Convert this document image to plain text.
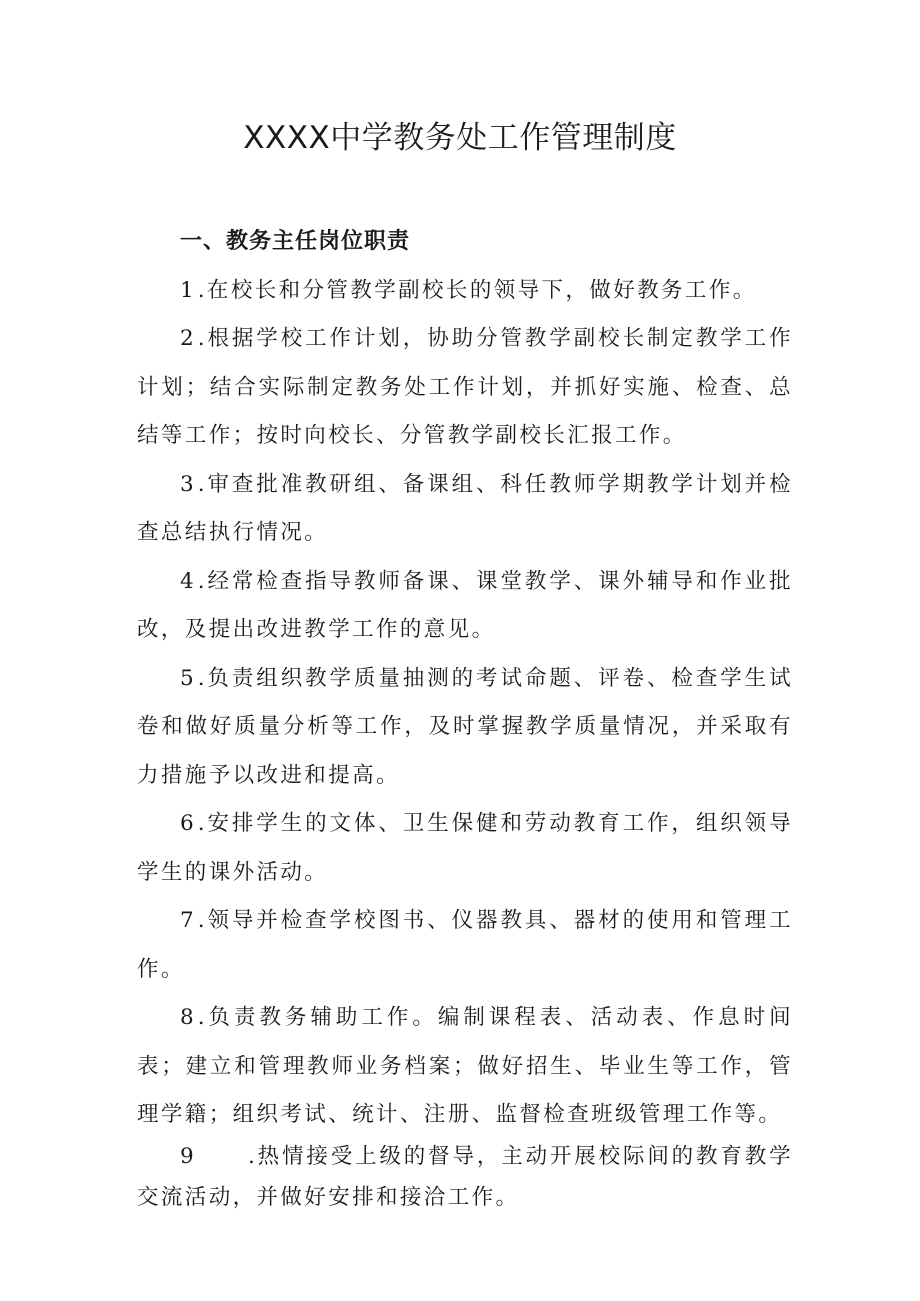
XXXX中学教务处工作管理制度
一、教务主任岗位职责

1.在校长和分管教学副校长的领导下，做好教务工作。

2.根据学校工作计划，协助分管教学副校长制定教学工作计划；结合实际制定教务处工作计划，并抓好实施、检查、总结等工作；按时向校长、分管教学副校长汇报工作。

3.审查批准教研组、备课组、科任教师学期教学计划并检查总结执行情况。

4.经常检查指导教师备课、课堂教学、课外辅导和作业批改，及提出改进教学工作的意见。

5.负责组织教学质量抽测的考试命题、评卷、检查学生试卷和做好质量分析等工作，及时掌握教学质量情况，并采取有力措施予以改进和提高。

6.安排学生的文体、卫生保健和劳动教育工作，组织领导学生的课外活动。

7.领导并检查学校图书、仪器教具、器材的使用和管理工作。

8.负责教务辅助工作。编制课程表、活动表、作息时间表；建立和管理教师业务档案；做好招生、毕业生等工作，管理学籍；组织考试、统计、注册、监督检查班级管理工作等。

9	.热情接受上级的督导，主动开展校际间的教育教学交流活动，并做好安排和接洽工作。
